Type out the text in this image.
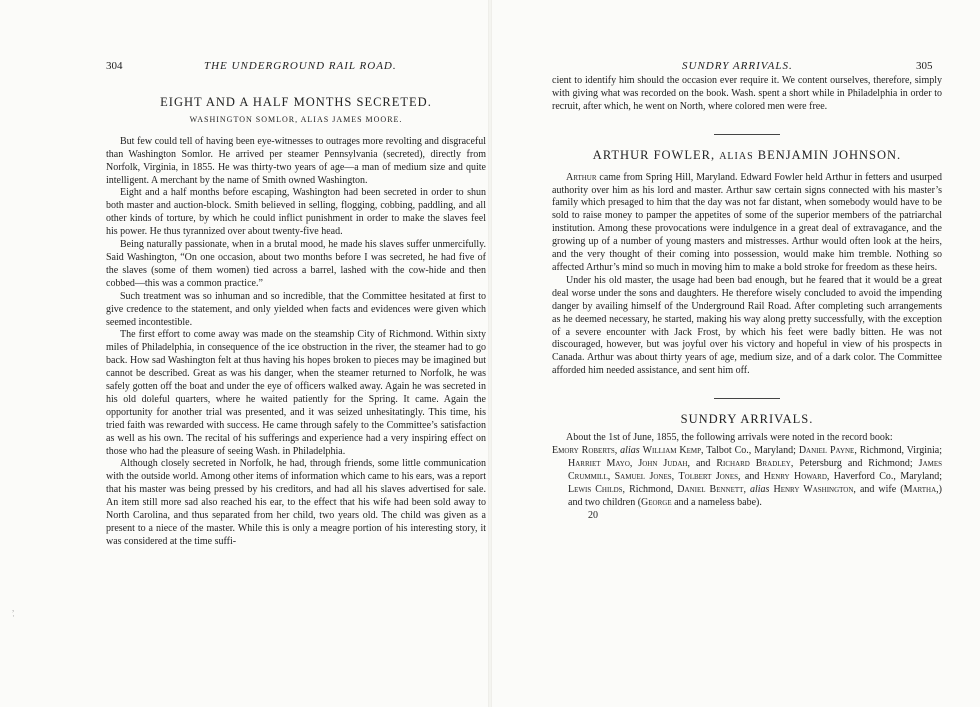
304	THE UNDERGROUND RAIL ROAD.
EIGHT AND A HALF MONTHS SECRETED.
WASHINGTON SOMLOR, ALIAS JAMES MOORE.

But few could tell of having been eye-witnesses to outrages more revolting and disgraceful than Washington Somlor. He arrived per steamer Pennsylvania (secreted), directly from Norfolk, Virginia, in 1855. He was thirty-two years of age—a man of medium size and quite intelligent. A merchant by the name of Smith owned Washington.

Eight and a half months before escaping, Washington had been secreted in order to shun both master and auction-block. Smith believed in selling, flogging, cobbing, paddling, and all other kinds of torture, by which he could inflict punishment in order to make the slaves feel his power. He thus tyrannized over about twenty-five head.

Being naturally passionate, when in a brutal mood, he made his slaves suffer unmercifully. Said Washington, “On one occasion, about two months before I was secreted, he had five of the slaves (some of them women) tied across a barrel, lashed with the cow-hide and then cobbed—this was a common practice.”

Such treatment was so inhuman and so incredible, that the Committee hesitated at first to give credence to the statement, and only yielded when facts and evidences were given which seemed incontestible.

The first effort to come away was made on the steamship City of Richmond. Within sixty miles of Philadelphia, in consequence of the ice obstruction in the river, the steamer had to go back. How sad Washington felt at thus having his hopes broken to pieces may be imagined but cannot be described. Great as was his danger, when the steamer returned to Norfolk, he was safely gotten off the boat and under the eye of officers walked away. Again he was secreted in his old doleful quarters, where he waited patiently for the Spring. It came. Again the opportunity for another trial was presented, and it was seized unhesitatingly. This time, his tried faith was rewarded with success. He came through safely to the Committee’s satisfaction as well as his own. The recital of his sufferings and experience had a very inspiring effect on those who had the pleasure of seeing Wash. in Philadelphia.

Although closely secreted in Norfolk, he had, through friends, some little communication with the outside world. Among other items of information which came to his ears, was a report that his master was being pressed by his creditors, and had all his slaves advertised for sale. An item still more sad also reached his ear, to the effect that his wife had been sold away to North Carolina, and thus separated from her child, two years old. The child was given as a present to a niece of the master. While this is only a meagre portion of his interesting story, it was considered at the time suffi-

,
·
SUNDRY ARRIVALS.	305

cient to identify him should the occasion ever require it. We content ourselves, therefore, simply with giving what was recorded on the book. Wash. spent a short while in Philadelphia in order to recruit, after which, he went on North, where colored men were free.

ARTHUR FOWLER, ALIAS BENJAMIN JOHNSON.

Arthur came from Spring Hill, Maryland. Edward Fowler held Arthur in fetters and usurped authority over him as his lord and master. Arthur saw certain signs connected with his master’s family which presaged to him that the day was not far distant, when somebody would have to be sold to raise money to pamper the appetites of some of the superior members of the patriarchal institution. Among these provocations were indulgence in a great deal of extravagance, and the growing up of a number of young masters and mistresses. Arthur would often look at the heirs, and the very thought of their coming into possession, would make him tremble. Nothing so affected Arthur’s mind so much in moving him to make a bold stroke for freedom as these heirs.

Under his old master, the usage had been bad enough, but he feared that it would be a great deal worse under the sons and daughters. He therefore wisely concluded to avoid the impending danger by availing himself of the Underground Rail Road. After completing such arrangements as he deemed necessary, he started, making his way along pretty successfully, with the exception of a severe encounter with Jack Frost, by which his feet were badly bitten. He was not discouraged, however, but was joyful over his victory and hopeful in view of his prospects in Canada. Arthur was about thirty years of age, medium size, and of a dark color. The Committee afforded him needed assistance, and sent him off.

SUNDRY ARRIVALS.

About the 1st of June, 1855, the following arrivals were noted in the record book:

Emory Roberts, alias William Kemp, Talbot Co., Maryland; Daniel Payne, Richmond, Virginia; Harriet Mayo, John Judah, and Richard Bradley, Petersburg and Richmond; James Crummill, Samuel Jones, Tolbert Jones, and Henry Howard, Haverford Co., Maryland; Lewis Childs, Richmond, Daniel Bennett, alias Henry Washington, and wife (Martha,) and two children (George and a nameless babe).

20
